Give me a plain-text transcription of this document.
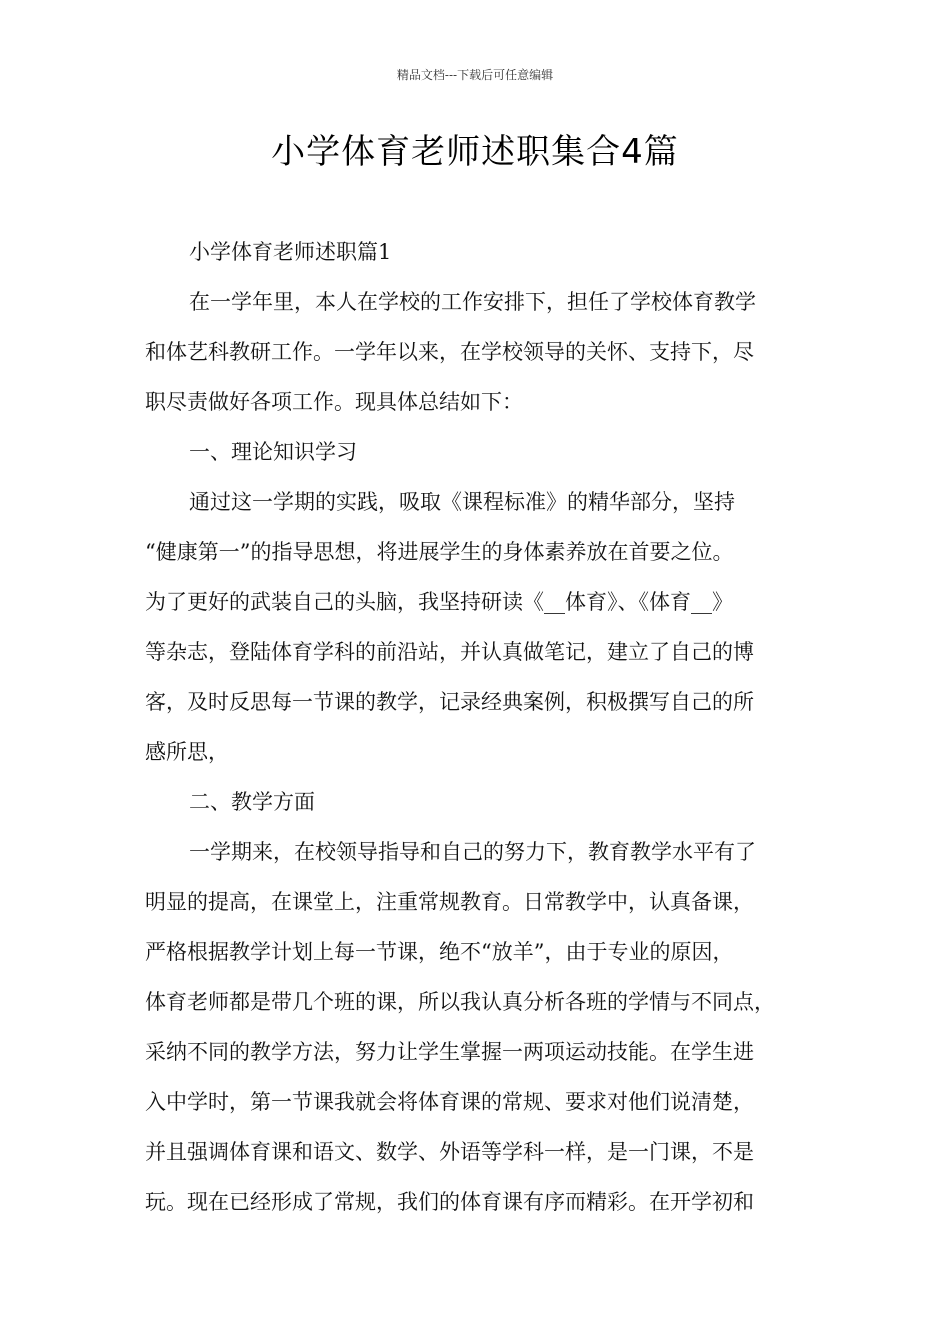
精品文档---下载后可任意编辑
小学体育老师述职集合4篇
小学体育老师述职篇1
在一学年里，本人在学校的工作安排下，担任了学校体育教学
和体艺科教研工作。一学年以来，在学校领导的关怀、支持下，尽
职尽责做好各项工作。现具体总结如下：
一、理论知识学习
通过这一学期的实践，吸取《课程标准》的精华部分，坚持
“健康第一”的指导思想，将进展学生的身体素养放在首要之位。
为了更好的武装自己的头脑，我坚持研读《__体育》、《体育__》
等杂志，登陆体育学科的前沿站，并认真做笔记，建立了自己的博
客，及时反思每一节课的教学，记录经典案例，积极撰写自己的所
感所思，
二、教学方面
一学期来，在校领导指导和自己的努力下，教育教学水平有了
明显的提高，在课堂上，注重常规教育。日常教学中，认真备课，
严格根据教学计划上每一节课，绝不“放羊”，由于专业的原因，
体育老师都是带几个班的课，所以我认真分析各班的学情与不同点，
采纳不同的教学方法，努力让学生掌握一两项运动技能。在学生进
入中学时，第一节课我就会将体育课的常规、要求对他们说清楚，
并且强调体育课和语文、数学、外语等学科一样，是一门课，不是
玩。现在已经形成了常规，我们的体育课有序而精彩。在开学初和
